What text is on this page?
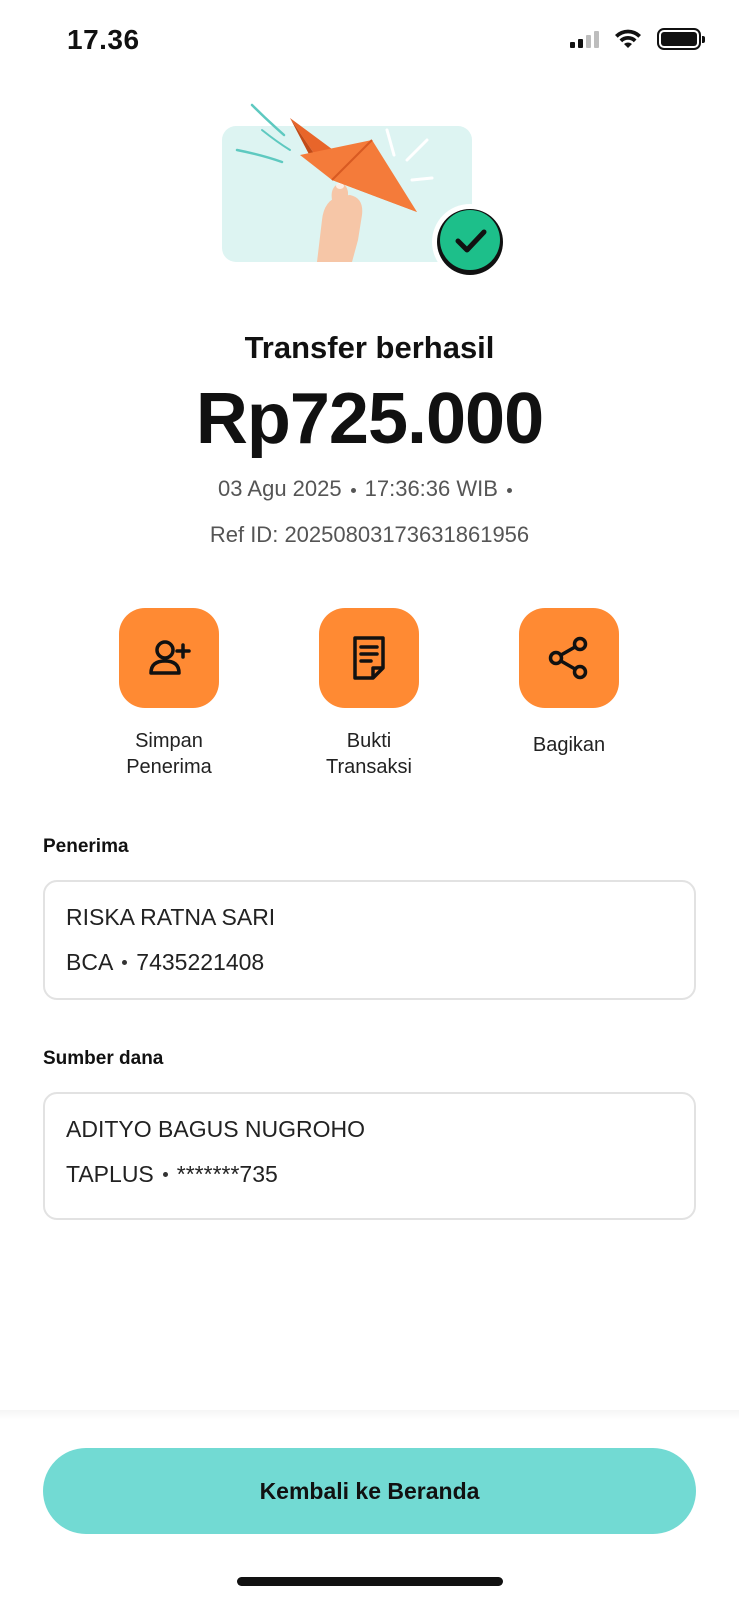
17.36
Transfer berhasil
Rp725.000
03 Agu 2025 17:36:36 WIB
Ref ID: 20250803173631861956
Simpan
Penerima
Bukti
Transaksi
Bagikan
Penerima
RISKA RATNA SARI
BCA 7435221408
Sumber dana
ADITYO BAGUS NUGROHO
TAPLUS *******735
Kembali ke Beranda
